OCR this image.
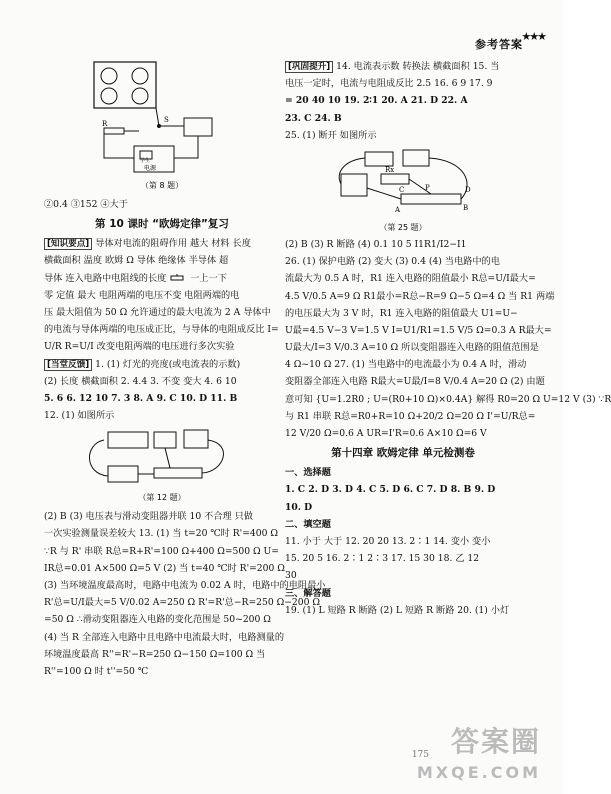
参考答案
★★★
R	S
电源
学生
（第 8 题）
②0.4 ③152 ④大于
第 10 课时 “欧姆定律”复习
[知识要点] 导体对电流的阻碍作用 越大 材料 长度
横截面积 温度 欧姆 Ω 导体 绝缘体 半导体 超
导体 连入电路中电阻线的长度	一上一下
零 定值 最大 电阻两端的电压不变 电阻两端的电
压 最大阻值为 50 Ω 允许通过的最大电流为 2 A 导体中
的电流与导体两端的电压成正比，与导体的电阻成反比 I=
U/R R=U/I 改变电阻两端的电压进行多次实验
[当堂反馈] 1. (1) 灯光的亮度(或电流表的示数)
(2) 长度 横截面积 2. 4.4 3. 不变 变大 4. 6 10
5. 6 6. 12 10 7. 3 8. A 9. C 10. D 11. B
12. (1) 如图所示
（第 12 题）
(2) B (3) 电压表与滑动变阻器并联 10 不合理 只做
一次实验测量误差较大 13. (1) 当 t=20 ℃时 R'=400 Ω
∵R 与 R' 串联 R总=R+R'=100 Ω+400 Ω=500 Ω U=
IR总=0.01 A×500 Ω=5 V (2) 当 t=40 ℃时 R'=200 Ω
(3) 当环境温度最高时，电路中电流为 0.02 A 时，电路中的电阻最小
R'总=U/I最大=5 V/0.02 A=250 Ω R'=R'总−R=250 Ω−200 Ω
=50 Ω ∴滑动变阻器连入电路的变化范围是 50~200 Ω
(4) 当 R 全部连入电路中且电路中电流最大时，电路测量的
环境温度最高 R''=R'−R=250 Ω−150 Ω=100 Ω 当
R''=100 Ω 时 t''=50 ℃
[巩固提升] 14. 电流表示数 转换法 横截面积 15. 当
电压一定时，电流与电阻成反比 2.5 16. 6 9 17. 9
= 20 40 10 19. 2∶1 20. A 21. D 22. A
23. C 24. B
25. (1) 断开 如图所示
Rx
P
C	D
A	B
（第 25 题）
(2) B (3) R 断路 (4) 0.1 10 5 I1R1/I2−I1
26. (1) 保护电路 (2) 变大 (3) 0.4 (4) 当电路中的电
流最大为 0.5 A 时，R1 连入电路的阻值最小 R总=U/I最大=
4.5 V/0.5 A=9 Ω R1最小=R总−R=9 Ω−5 Ω=4 Ω 当 R1 两端
的电压最大为 3 V 时，R1 连入电路的阻值最大 U1=U−
U最=4.5 V−3 V=1.5 V I=U1/R1=1.5 V/5 Ω=0.3 A R最大=
U最大/I=3 V/0.3 A=10 Ω 所以变阻器连入电路的阻值范围是
4 Ω~10 Ω 27. (1) 当电路中的电流最小为 0.4 A 时，滑动
变阻器全部连入电路 R最大=U最/I=8 V/0.4 A=20 Ω (2) 由题
意可知 {U=1.2R0 ; U=(R0+10 Ω)×0.4A} 解得 R0=20 Ω U=12 V (3) ∵R
与 R1 串联 R总=R0+R=10 Ω+20/2 Ω=20 Ω I'=U/R总=
12 V/20 Ω=0.6 A UR=I'R=0.6 A×10 Ω=6 V
第十四章 欧姆定律 单元检测卷
一、选择题
1. C 2. D 3. D 4. C 5. D 6. C 7. D 8. B 9. D
10. D
二、填空题
11. 小于 大于 12. 20 20 13. 2∶1 14. 变小 变小
15. 20 5 16. 2∶1 2∶3 17. 15 30 18. 乙 12
30
三、解答题
19. (1) L 短路 R 断路 (2) L 短路 R 断路 20. (1) 小灯
175 答案圈
MXQE.COM
